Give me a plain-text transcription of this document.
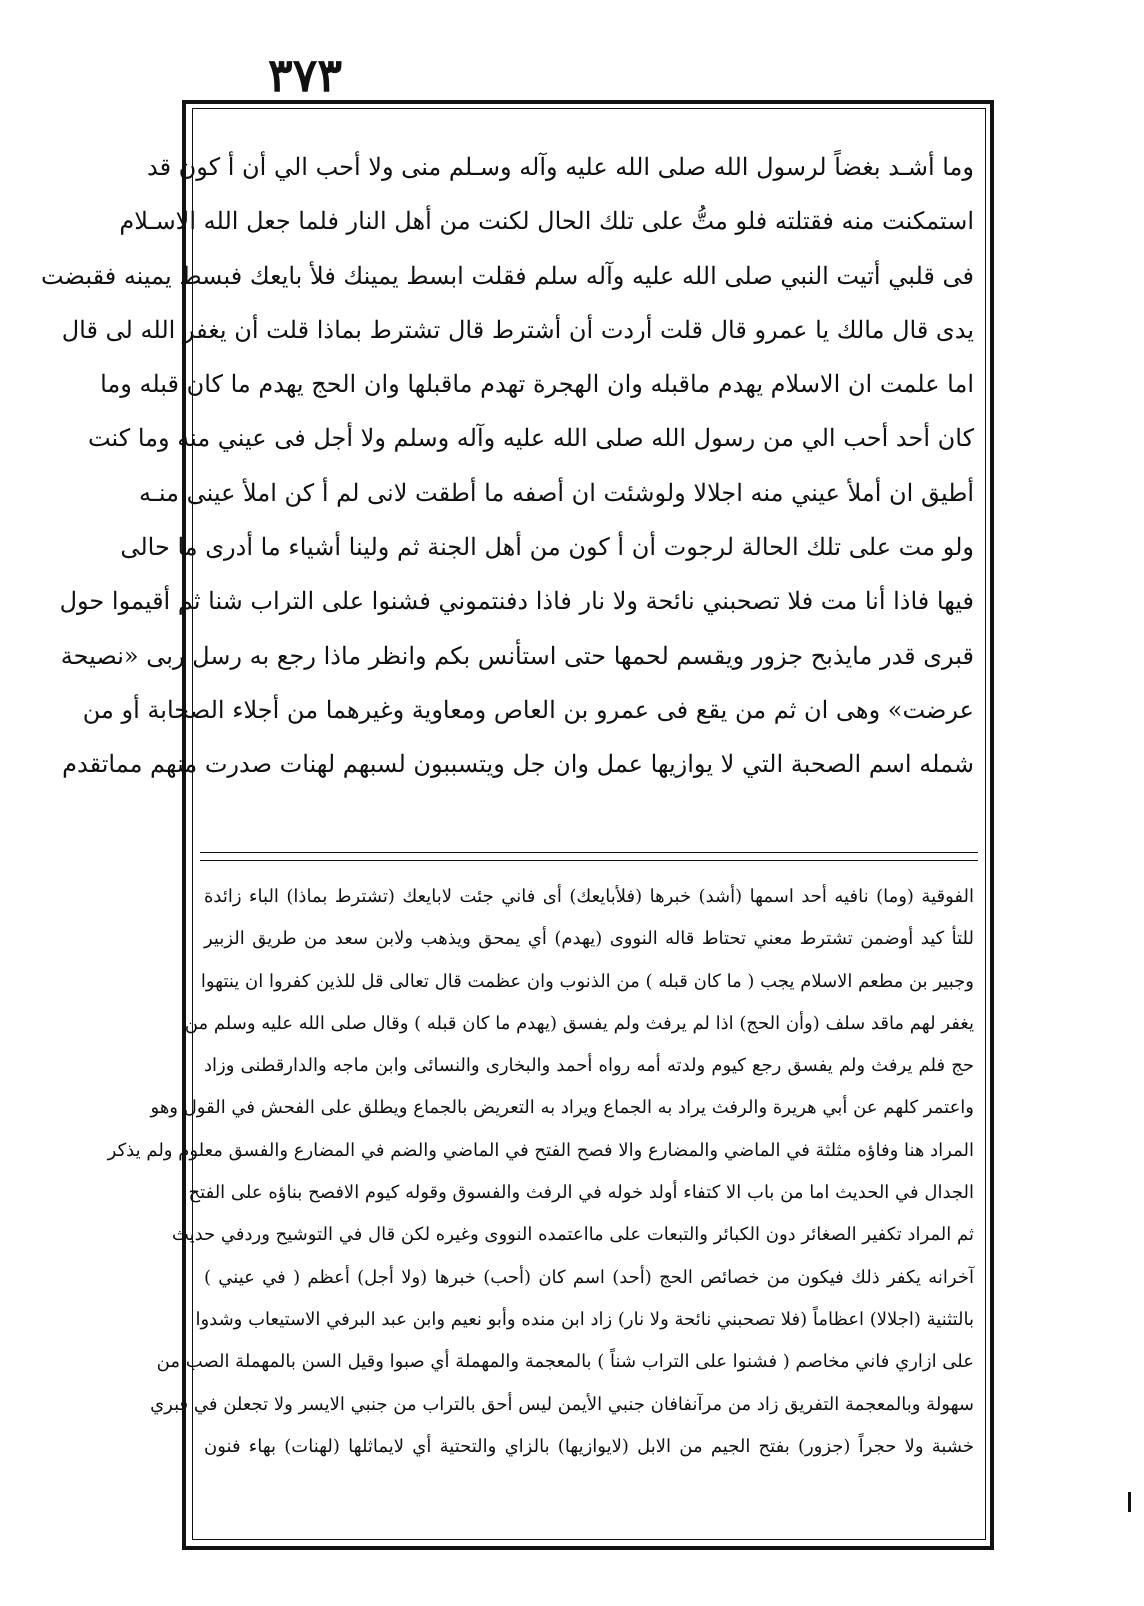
٣٧٣
وما أشـد بغضاً لرسول الله صلى الله عليه وآله وسـلم منى ولا أحب الي أن أ كون قد
استمكنت منه فقتلته فلو متُّ على تلك الحال لكنت من أهل النار فلما جعل الله الاسـلام
فى قلبي أتيت النبي صلى الله عليه وآله سلم فقلت ابسط يمينك فلأ بايعك فبسط يمينه فقبضت
يدى قال مالك يا عمرو قال قلت أردت أن أشترط قال تشترط بماذا قلت أن يغفر الله لى قال
اما علمت ان الاسلام يهدم ماقبله وان الهجرة تهدم ماقبلها وان الحج يهدم ما كان قبله وما
كان أحد أحب الي من رسول الله صلى الله عليه وآله وسلم ولا أجل فى عيني منه وما كنت
أطيق ان أملأ عيني منه اجلالا ولوشئت ان أصفه ما أطقت لانى لم أ كن املأ عينى منـه
ولو مت على تلك الحالة لرجوت أن أ كون من أهل الجنة ثم ولينا أشياء ما أدرى ما حالى
فيها فاذا أنا مت فلا تصحبني نائحة ولا نار فاذا دفنتموني فشنوا على التراب شنا ثم أقيموا حول
قبرى قدر مايذبح جزور ويقسم لحمها حتى استأنس بكم وانظر ماذا رجع به رسل ربى «نصيحة
عرضت» وهى ان ثم من يقع فى عمرو بن العاص ومعاوية وغيرهما من أجلاء الصحابة أو من
شمله اسم الصحبة التي لا يوازيها عمل وان جل ويتسببون لسبهم لهنات صدرت منهم مماتقدم
الفوقية (وما) نافيه أحد اسمها (أشد) خبرها (فلأبايعك) أى فاني جئت لابايعك (تشترط بماذا) الباء زائدة
للتأ كيد أوضمن تشترط معني تحتاط قاله النووى (يهدم) أي يمحق ويذهب ولابن سعد من طريق الزبير
وجبير بن مطعم الاسلام يجب ( ما كان قبله ) من الذنوب وان عظمت قال تعالى قل للذين كفروا ان ينتهوا
يغفر لهم ماقد سلف (وأن الحج) اذا لم يرفث ولم يفسق (يهدم ما كان قبله ) وقال صلى الله عليه وسلم من
حج فلم يرفث ولم يفسق رجع كيوم ولدته أمه رواه أحمد والبخارى والنسائى وابن ماجه والدارقطنى وزاد
واعتمر كلهم عن أبي هريرة والرفث يراد به الجماع ويراد به التعريض بالجماع ويطلق على الفحش في القول وهو
المراد هنا وفاؤه مثلثة في الماضي والمضارع والا فصح الفتح في الماضي والضم في المضارع والفسق معلوم ولم يذكر
الجدال في الحديث اما من باب الا كتفاء أولد خوله في الرفث والفسوق وقوله كيوم الافصح بناؤه على الفتح
ثم المراد تكفير الصغائر دون الكبائر والتبعات على مااعتمده النووى وغيره لكن قال في التوشيح وردفي حديث
آخرانه يكفر ذلك فيكون من خصائص الحج (أحد) اسم كان (أحب) خبرها (ولا أجل) أعظم ( في عيني )
بالتثنية (اجلالا) اعظاماً (فلا تصحبني نائحة ولا نار) زاد ابن منده وأبو نعيم وابن عبد البرفي الاستيعاب وشدوا
على ازاري فاني مخاصم ( فشنوا على التراب شناً ) بالمعجمة والمهملة أي صبوا وقيل السن بالمهملة الصب من
سهولة وبالمعجمة التفريق زاد من مرآنفافان جنبي الأيمن ليس أحق بالتراب من جنبي الايسر ولا تجعلن في قبري
خشبة ولا حجراً (جزور) بفتح الجيم من الابل (لايوازيها) بالزاي والتحتية أي لايماثلها (لهنات) بهاء فنون
